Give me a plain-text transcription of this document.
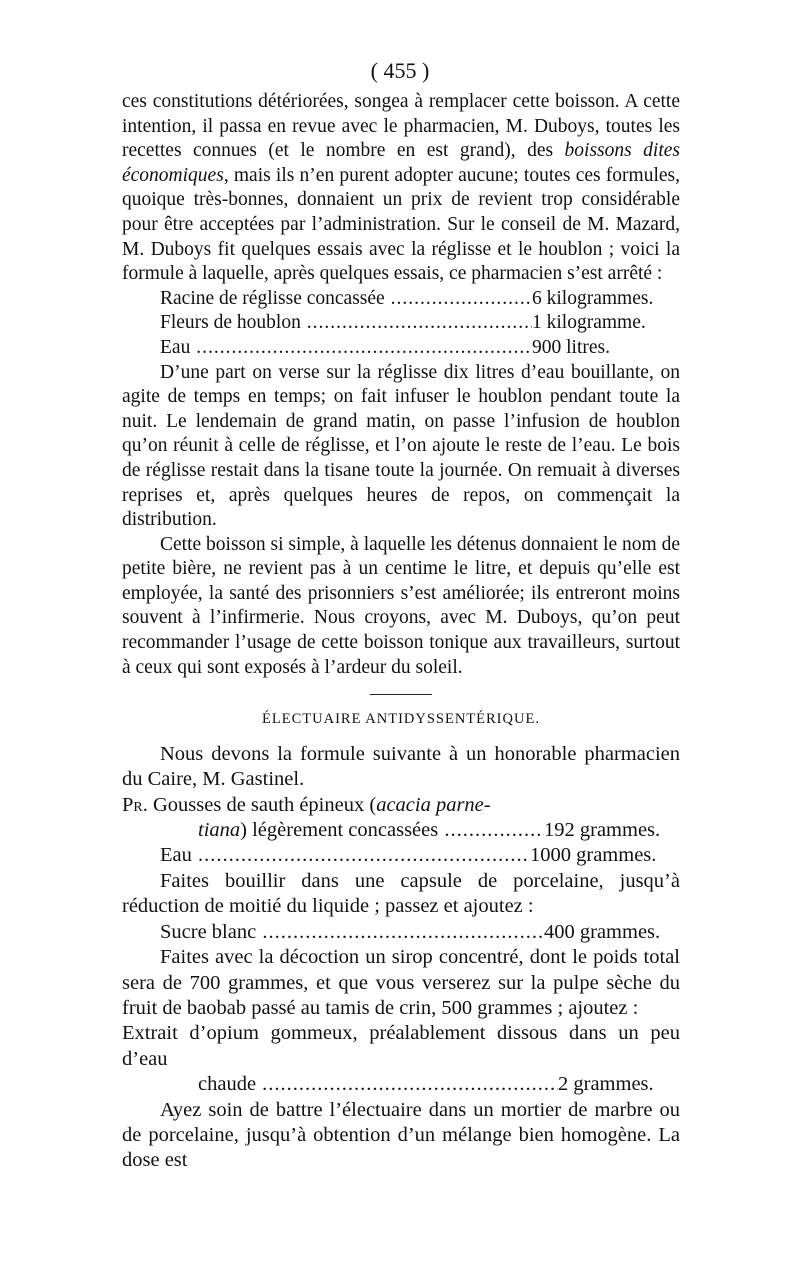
( 455 )

ces constitutions détériorées, songea à remplacer cette boisson. A cette intention, il passa en revue avec le pharmacien, M. Duboys, toutes les recettes connues (et le nombre en est grand), des boissons dites économiques, mais ils n’en purent adopter aucune; toutes ces formules, quoique très-bonnes, donnaient un prix de revient trop considérable pour être acceptées par l’administration. Sur le conseil de M. Mazard, M. Duboys fit quelques essais avec la réglisse et le houblon ; voici la formule à laquelle, après quelques essais, ce pharmacien s’est arrêté :

Racine de réglisse concassée .....	6 kilogrammes.
Fleurs de houblon .....	1 kilogramme.
Eau .....	900 litres.

D’une part on verse sur la réglisse dix litres d’eau bouillante, on agite de temps en temps; on fait infuser le houblon pendant toute la nuit. Le lendemain de grand matin, on passe l’infusion de houblon qu’on réunit à celle de réglisse, et l’on ajoute le reste de l’eau. Le bois de réglisse restait dans la tisane toute la journée. On remuait à diverses reprises et, après quelques heures de repos, on commençait la distribution.

Cette boisson si simple, à laquelle les détenus donnaient le nom de petite bière, ne revient pas à un centime le litre, et depuis qu’elle est employée, la santé des prisonniers s’est améliorée; ils entreront moins souvent à l’infirmerie. Nous croyons, avec M. Duboys, qu’on peut recommander l’usage de cette boisson tonique aux travailleurs, surtout à ceux qui sont exposés à l’ardeur du soleil.

ÉLECTUAIRE ANTIDYSSENTÉRIQUE.

Nous devons la formule suivante à un honorable pharmacien du Caire, M. Gastinel.

Pr. Gousses de sauth épineux (acacia parne-

tiana) légèrement concassées .....	192 grammes.
Eau .....	1000 grammes.

Faites bouillir dans une capsule de porcelaine, jusqu’à réduction de moitié du liquide ; passez et ajoutez :

Sucre blanc .....	400 grammes.

Faites avec la décoction un sirop concentré, dont le poids total sera de 700 grammes, et que vous verserez sur la pulpe sèche du fruit de baobab passé au tamis de crin, 500 grammes ; ajoutez :

Extrait d’opium gommeux, préalablement dissous dans un peu d’eau

chaude .....	2 grammes.

Ayez soin de battre l’électuaire dans un mortier de marbre ou de porcelaine, jusqu’à obtention d’un mélange bien homogène. La dose est
